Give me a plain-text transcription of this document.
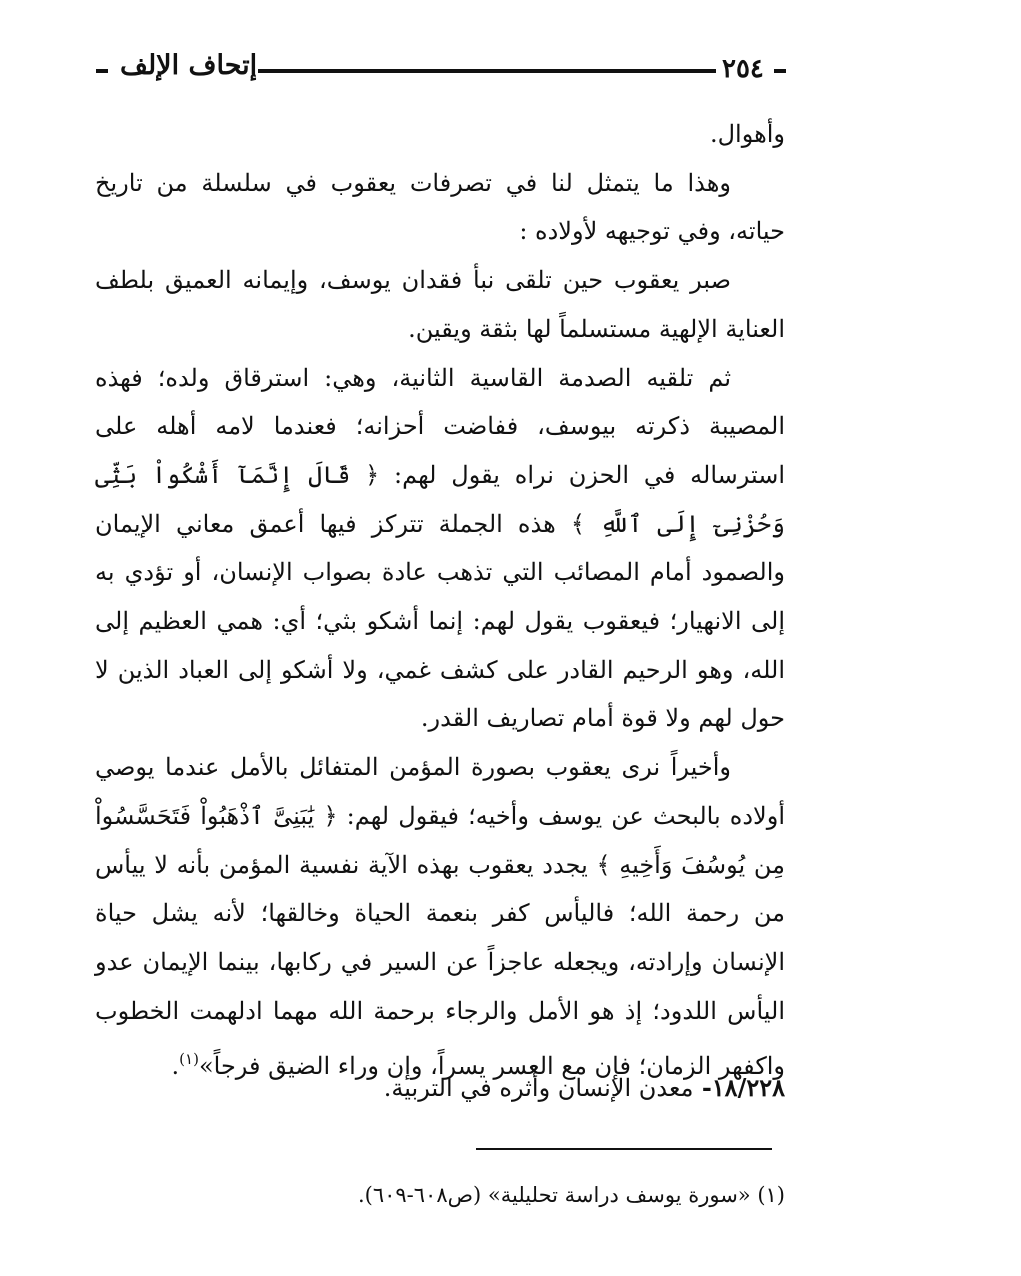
إتحاف الإلف	٢٥٤

وأهوال.

وهذا ما يتمثل لنا في تصرفات يعقوب في سلسلة من تاريخ حياته، وفي توجيهه لأولاده :

صبر يعقوب حين تلقى نبأ فقدان يوسف، وإيمانه العميق بلطف العناية الإلهية مستسلماً لها بثقة ويقين.

ثم تلقيه الصدمة القاسية الثانية، وهي: استرقاق ولده؛ فهذه المصيبة ذكرته بيوسف، ففاضت أحزانه؛ فعندما لامه أهله على استرساله في الحزن نراه يقول لهم: ﴿ قَالَ إِنَّمَآ أَشْكُواْ بَثِّى وَحُزْنِىٓ إِلَى ٱللَّهِ ﴾ هذه الجملة تتركز فيها أعمق معاني الإيمان والصمود أمام المصائب التي تذهب عادة بصواب الإنسان، أو تؤدي به إلى الانهيار؛ فيعقوب يقول لهم: إنما أشكو بثي؛ أي: همي العظيم إلى الله، وهو الرحيم القادر على كشف غمي، ولا أشكو إلى العباد الذين لا حول لهم ولا قوة أمام تصاريف القدر.

وأخيراً نرى يعقوب بصورة المؤمن المتفائل بالأمل عندما يوصي أولاده بالبحث عن يوسف وأخيه؛ فيقول لهم: ﴿ يَٰبَنِىَّ ٱذْهَبُواْ فَتَحَسَّسُواْ مِن يُوسُفَ وَأَخِيهِ ﴾ يجدد يعقوب بهذه الآية نفسية المؤمن بأنه لا ييأس من رحمة الله؛ فاليأس كفر بنعمة الحياة وخالقها؛ لأنه يشل حياة الإنسان وإرادته، ويجعله عاجزاً عن السير في ركابها، بينما الإيمان عدو اليأس اللدود؛ إذ هو الأمل والرجاء برحمة الله مهما ادلهمت الخطوب واكفهر الزمان؛ فإن مع العسر يسراً، وإن وراء الضيق فرجاً»$^{(١)}$.

١٨/٢٢٨- معدن الإنسان وأثره في التربية.
(١) «سورة يوسف دراسة تحليلية» (ص٦٠٨-٦٠٩).
